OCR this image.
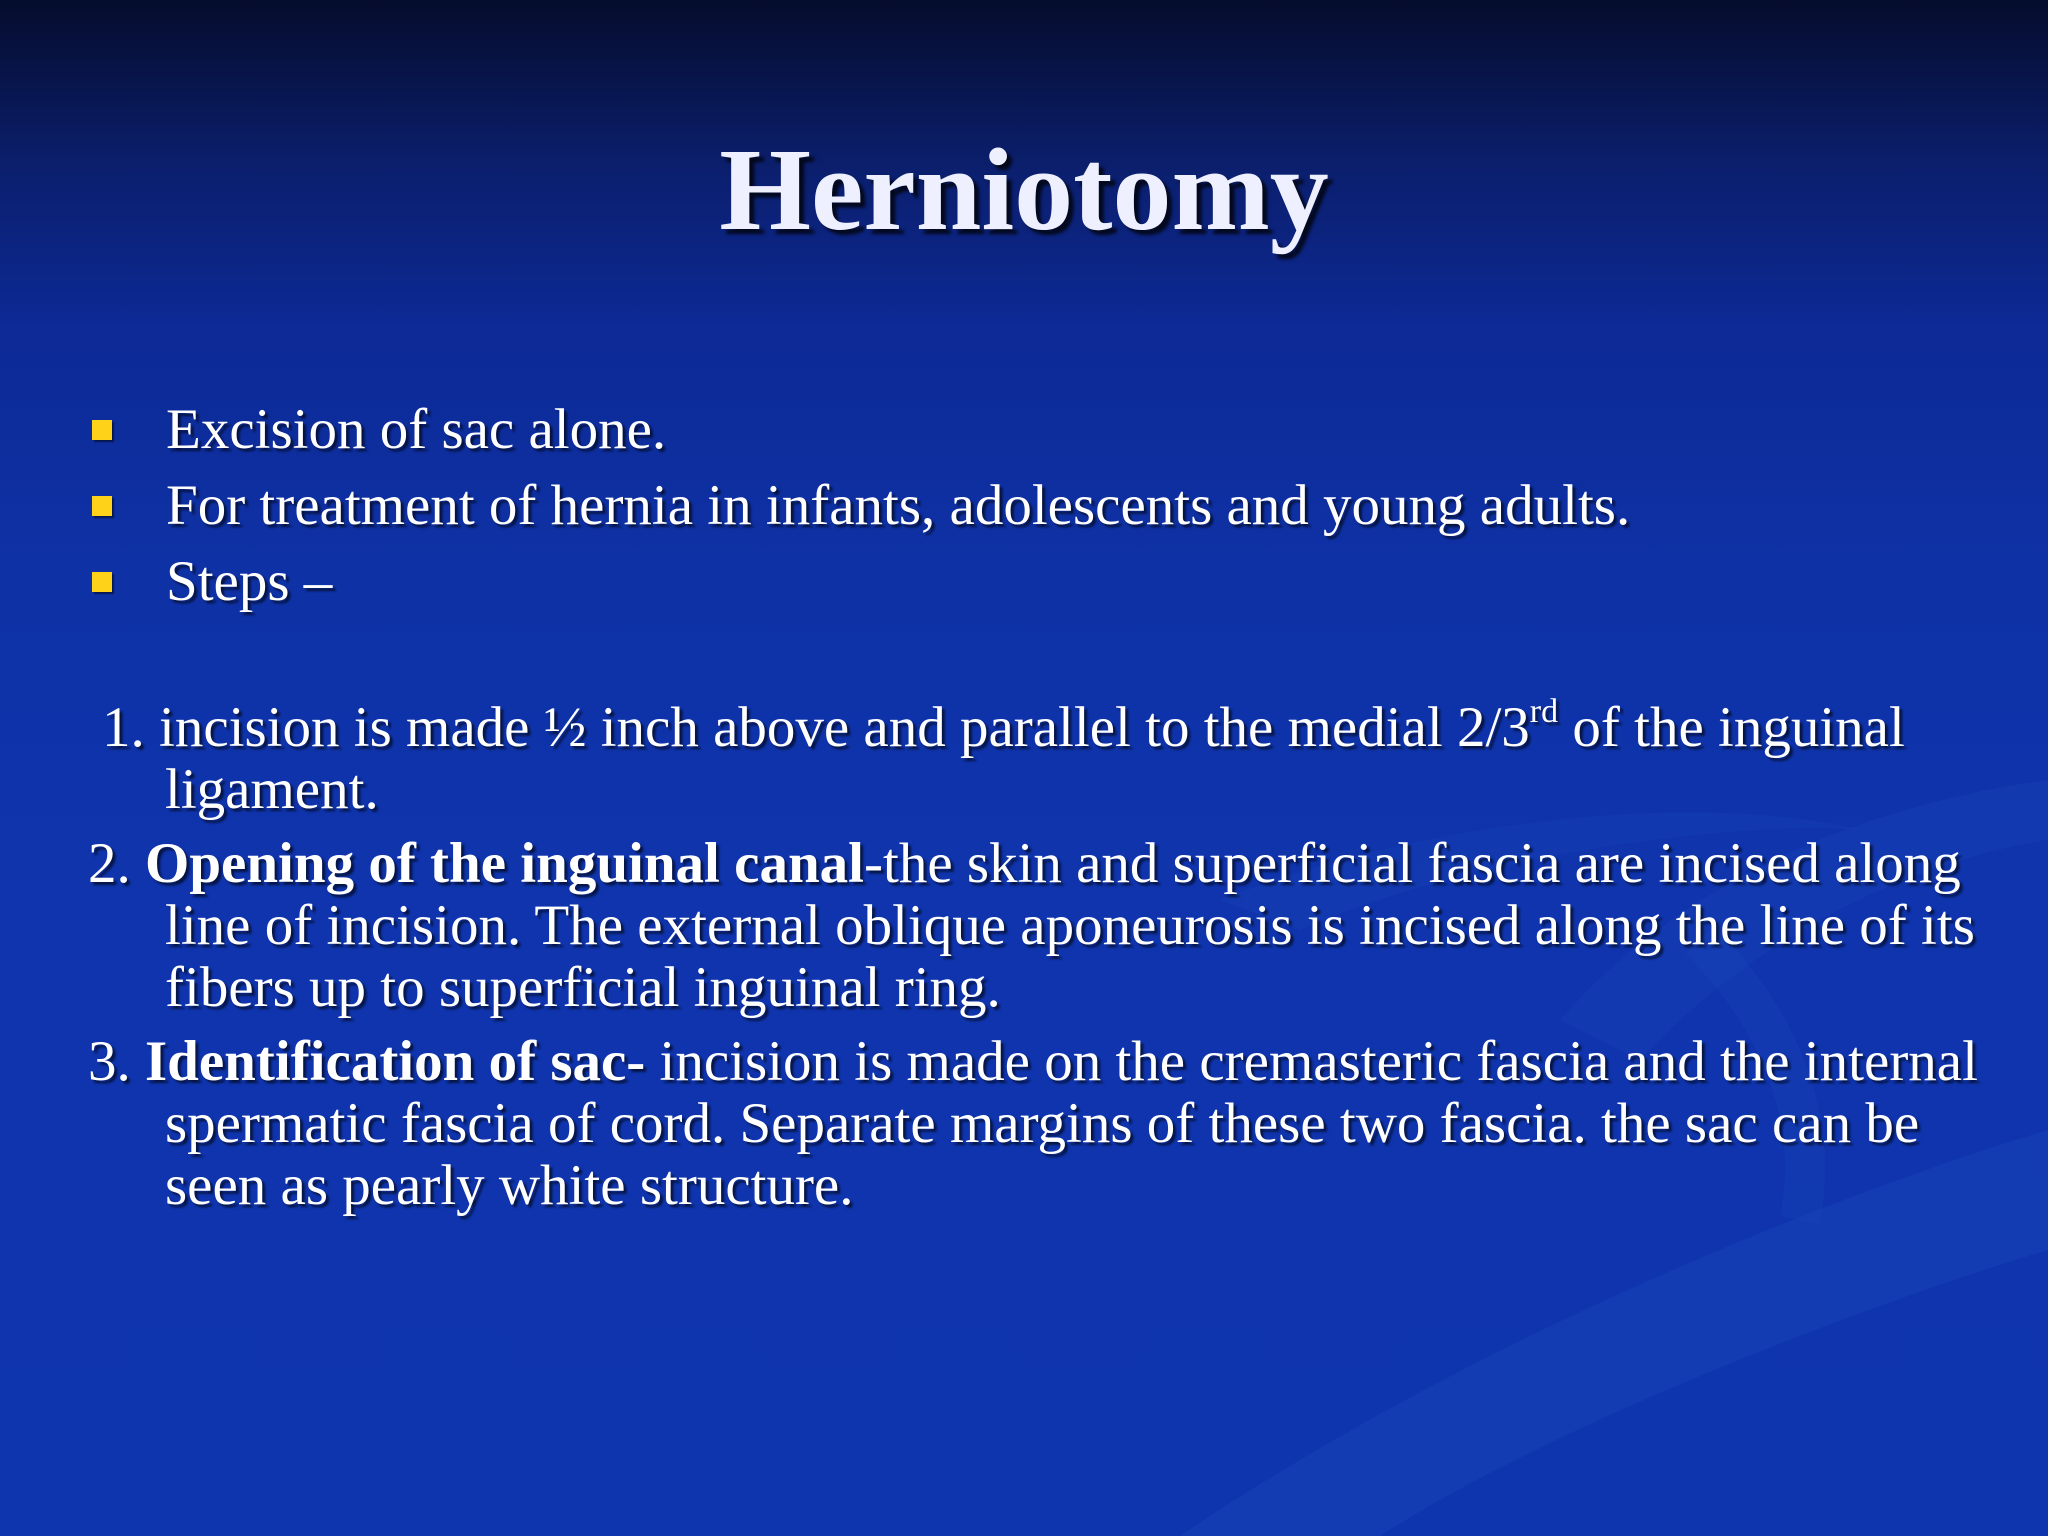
Herniotomy
Excision of sac alone.
For treatment of hernia in infants, adolescents and young adults.
Steps –

1. incision is made ½ inch above and parallel to the medial 2/3rd of the inguinal ligament.

2. Opening of the inguinal canal-the skin and superficial fascia are incised along line of incision. The external oblique aponeurosis is incised along the line of its fibers up to superficial inguinal ring.

3. Identification of sac- incision is made on the cremasteric fascia and the internal spermatic fascia of cord. Separate margins of these two fascia. the sac can be seen as pearly white structure.
